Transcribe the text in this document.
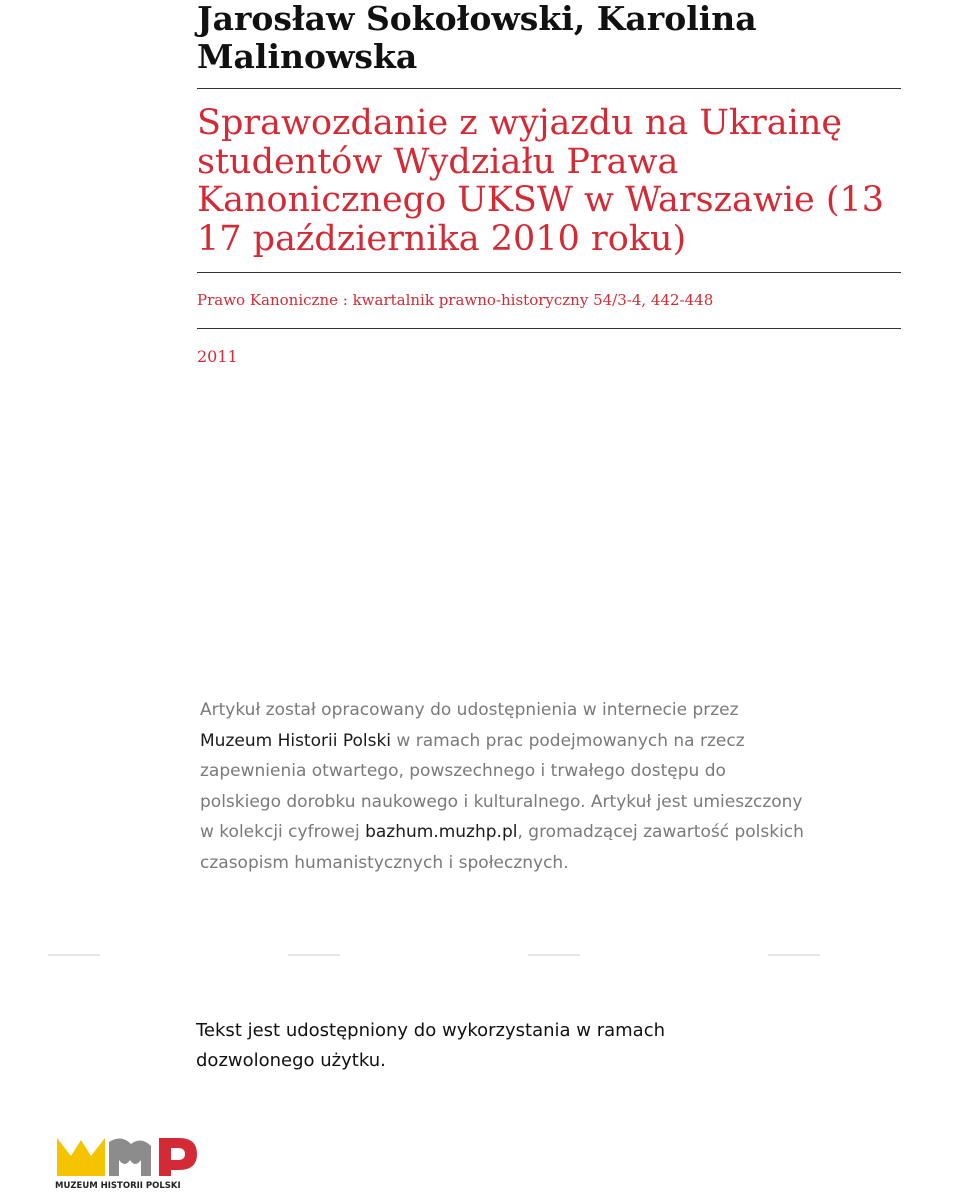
Jarosław Sokołowski, Karolina Malinowska
Sprawozdanie z wyjazdu na Ukrainę studentów Wydziału Prawa Kanonicznego UKSW w Warszawie (13 17 października 2010 roku)
Prawo Kanoniczne : kwartalnik prawno-historyczny 54/3-4, 442-448
2011
Artykuł został opracowany do udostępnienia w internecie przez
Muzeum Historii Polski w ramach prac podejmowanych na rzecz
zapewnienia otwartego, powszechnego i trwałego dostępu do
polskiego dorobku naukowego i kulturalnego. Artykuł jest umieszczony
w kolekcji cyfrowej bazhum.muzhp.pl, gromadzącej zawartość polskich
czasopism humanistycznych i społecznych.
Tekst jest udostępniony do wykorzystania w ramach
dozwolonego użytku.
MUZEUM HISTORII POLSKI
